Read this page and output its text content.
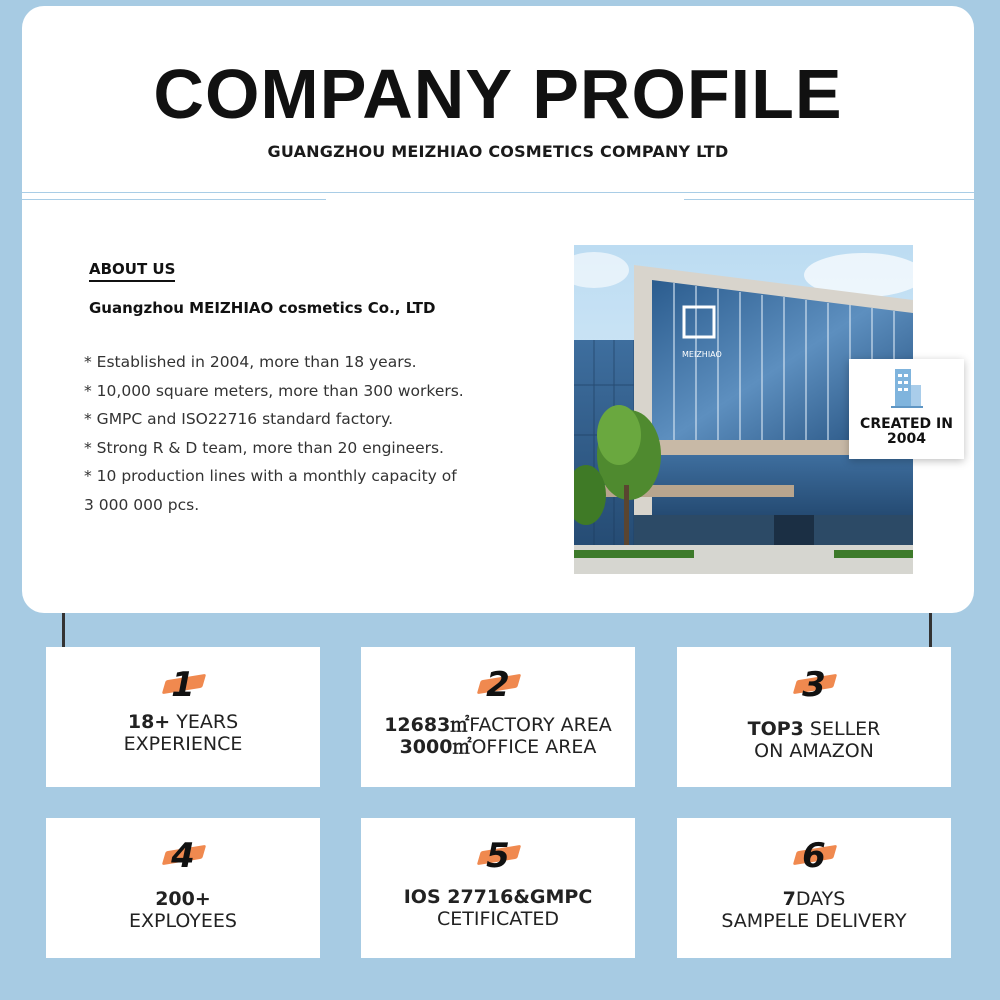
COMPANY PROFILE
GUANGZHOU MEIZHIAO COSMETICS COMPANY LTD
ABOUT US
Guangzhou MEIZHIAO cosmetics Co., LTD
* Established in 2004, more than 18 years.
* 10,000 square meters, more than 300 workers.
* GMPC and ISO22716 standard factory.
* Strong R & D team, more than 20 engineers.
* 10 production lines with a monthly capacity of
3 000 000 pcs.
MEIZHIAO
CREATED IN
2004
1
18+ YEARS
EXPERIENCE
2
12683㎡FACTORY AREA
3000㎡OFFICE AREA
3
TOP3 SELLER
ON AMAZON
4
200+
EXPLOYEES
5
IOS 27716&GMPC
CETIFICATED
6
7DAYS
SAMPELE DELIVERY
